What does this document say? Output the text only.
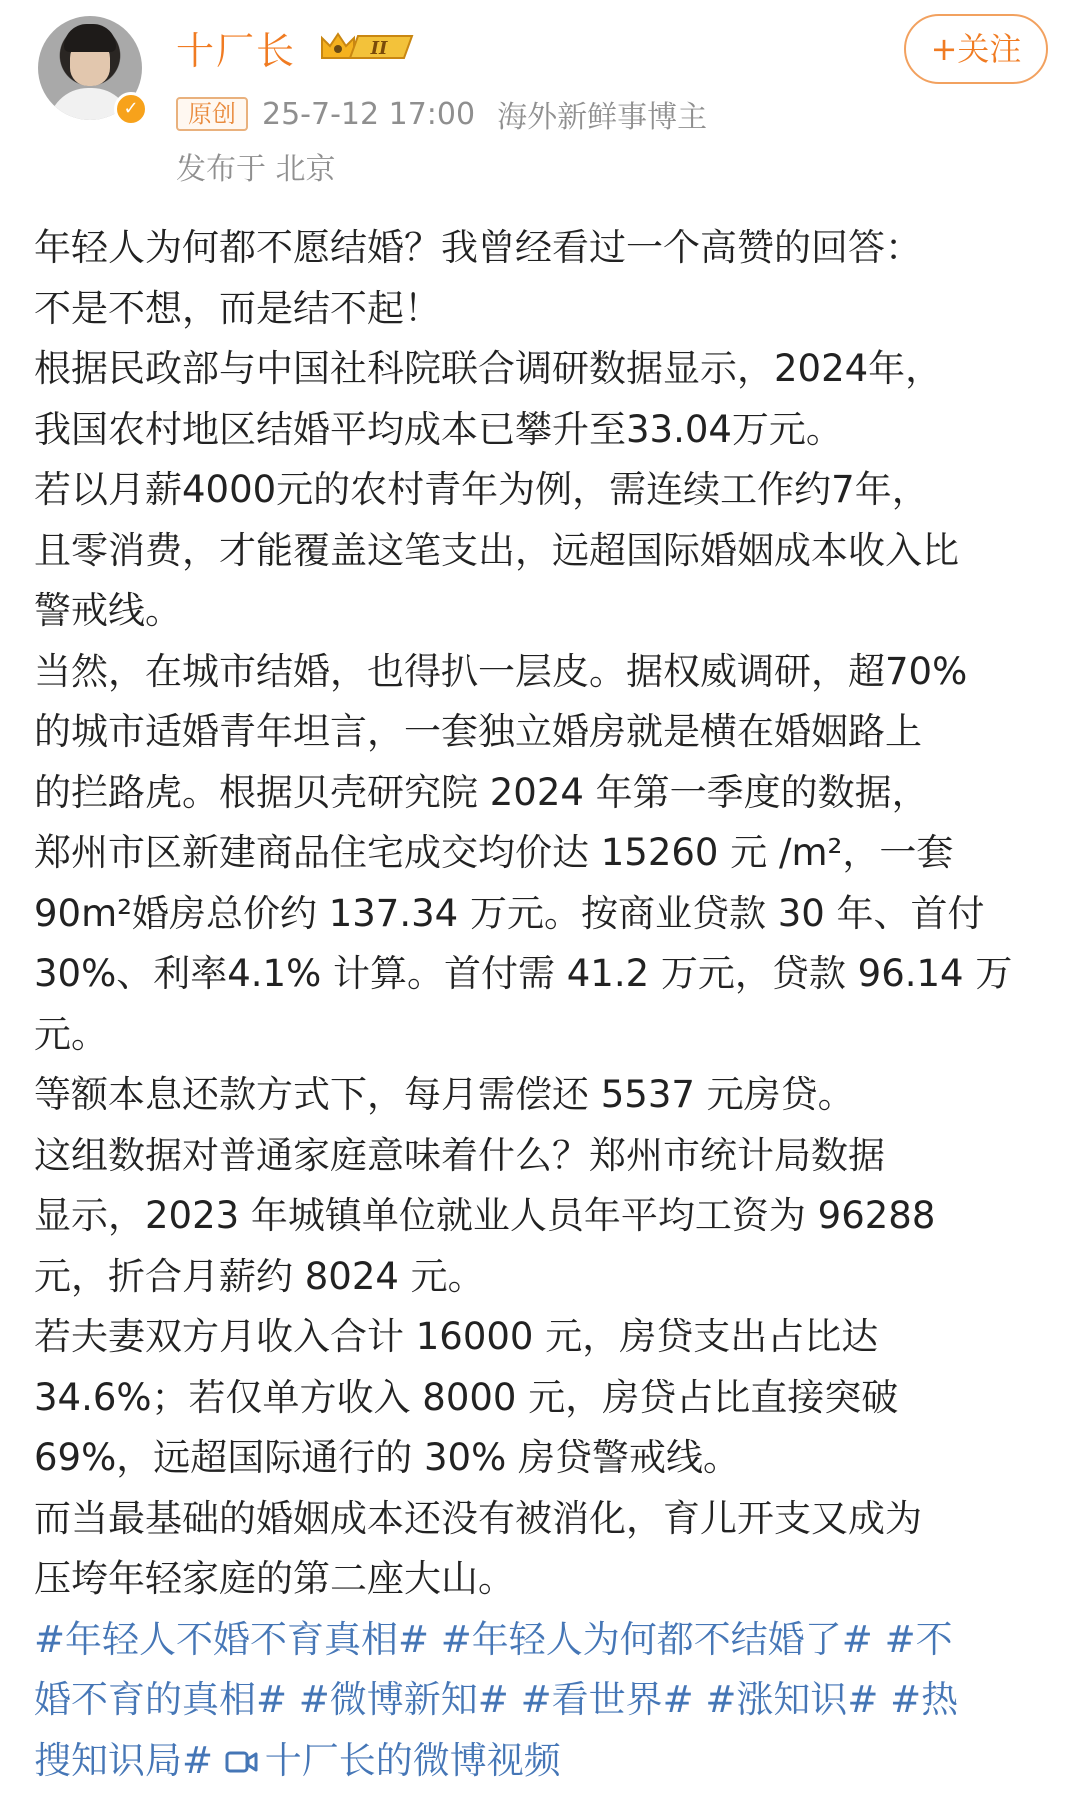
✓
十厂长	II	+关注
原创 25-7-12 17:00 海外新鲜事博主
发布于 北京
年轻人为何都不愿结婚？我曾经看过一个高赞的回答：
不是不想，而是结不起！
根据民政部与中国社科院联合调研数据显示，2024年，
我国农村地区结婚平均成本已攀升至33.04万元。
若以月薪4000元的农村青年为例，需连续工作约7年，
且零消费，才能覆盖这笔支出，远超国际婚姻成本收入比
警戒线。
当然，在城市结婚，也得扒一层皮。据权威调研，超70%
的城市适婚青年坦言，一套独立婚房就是横在婚姻路上
的拦路虎。根据贝壳研究院 2024 年第一季度的数据，
郑州市区新建商品住宅成交均价达 15260 元 /m²，一套
90m²婚房总价约 137.34 万元。按商业贷款 30 年、首付
30%、利率4.1% 计算。首付需 41.2 万元，贷款 96.14 万
元。
等额本息还款方式下，每月需偿还 5537 元房贷。
这组数据对普通家庭意味着什么？郑州市统计局数据
显示，2023 年城镇单位就业人员年平均工资为 96288
元，折合月薪约 8024 元。
若夫妻双方月收入合计 16000 元，房贷支出占比达
34.6%；若仅单方收入 8000 元，房贷占比直接突破
69%，远超国际通行的 30% 房贷警戒线。
而当最基础的婚姻成本还没有被消化，育儿开支又成为
压垮年轻家庭的第二座大山。
#年轻人不婚不育真相# #年轻人为何都不结婚了# #不
婚不育的真相# #微博新知# #看世界# #涨知识# #热
搜知识局# 十厂长的微博视频
